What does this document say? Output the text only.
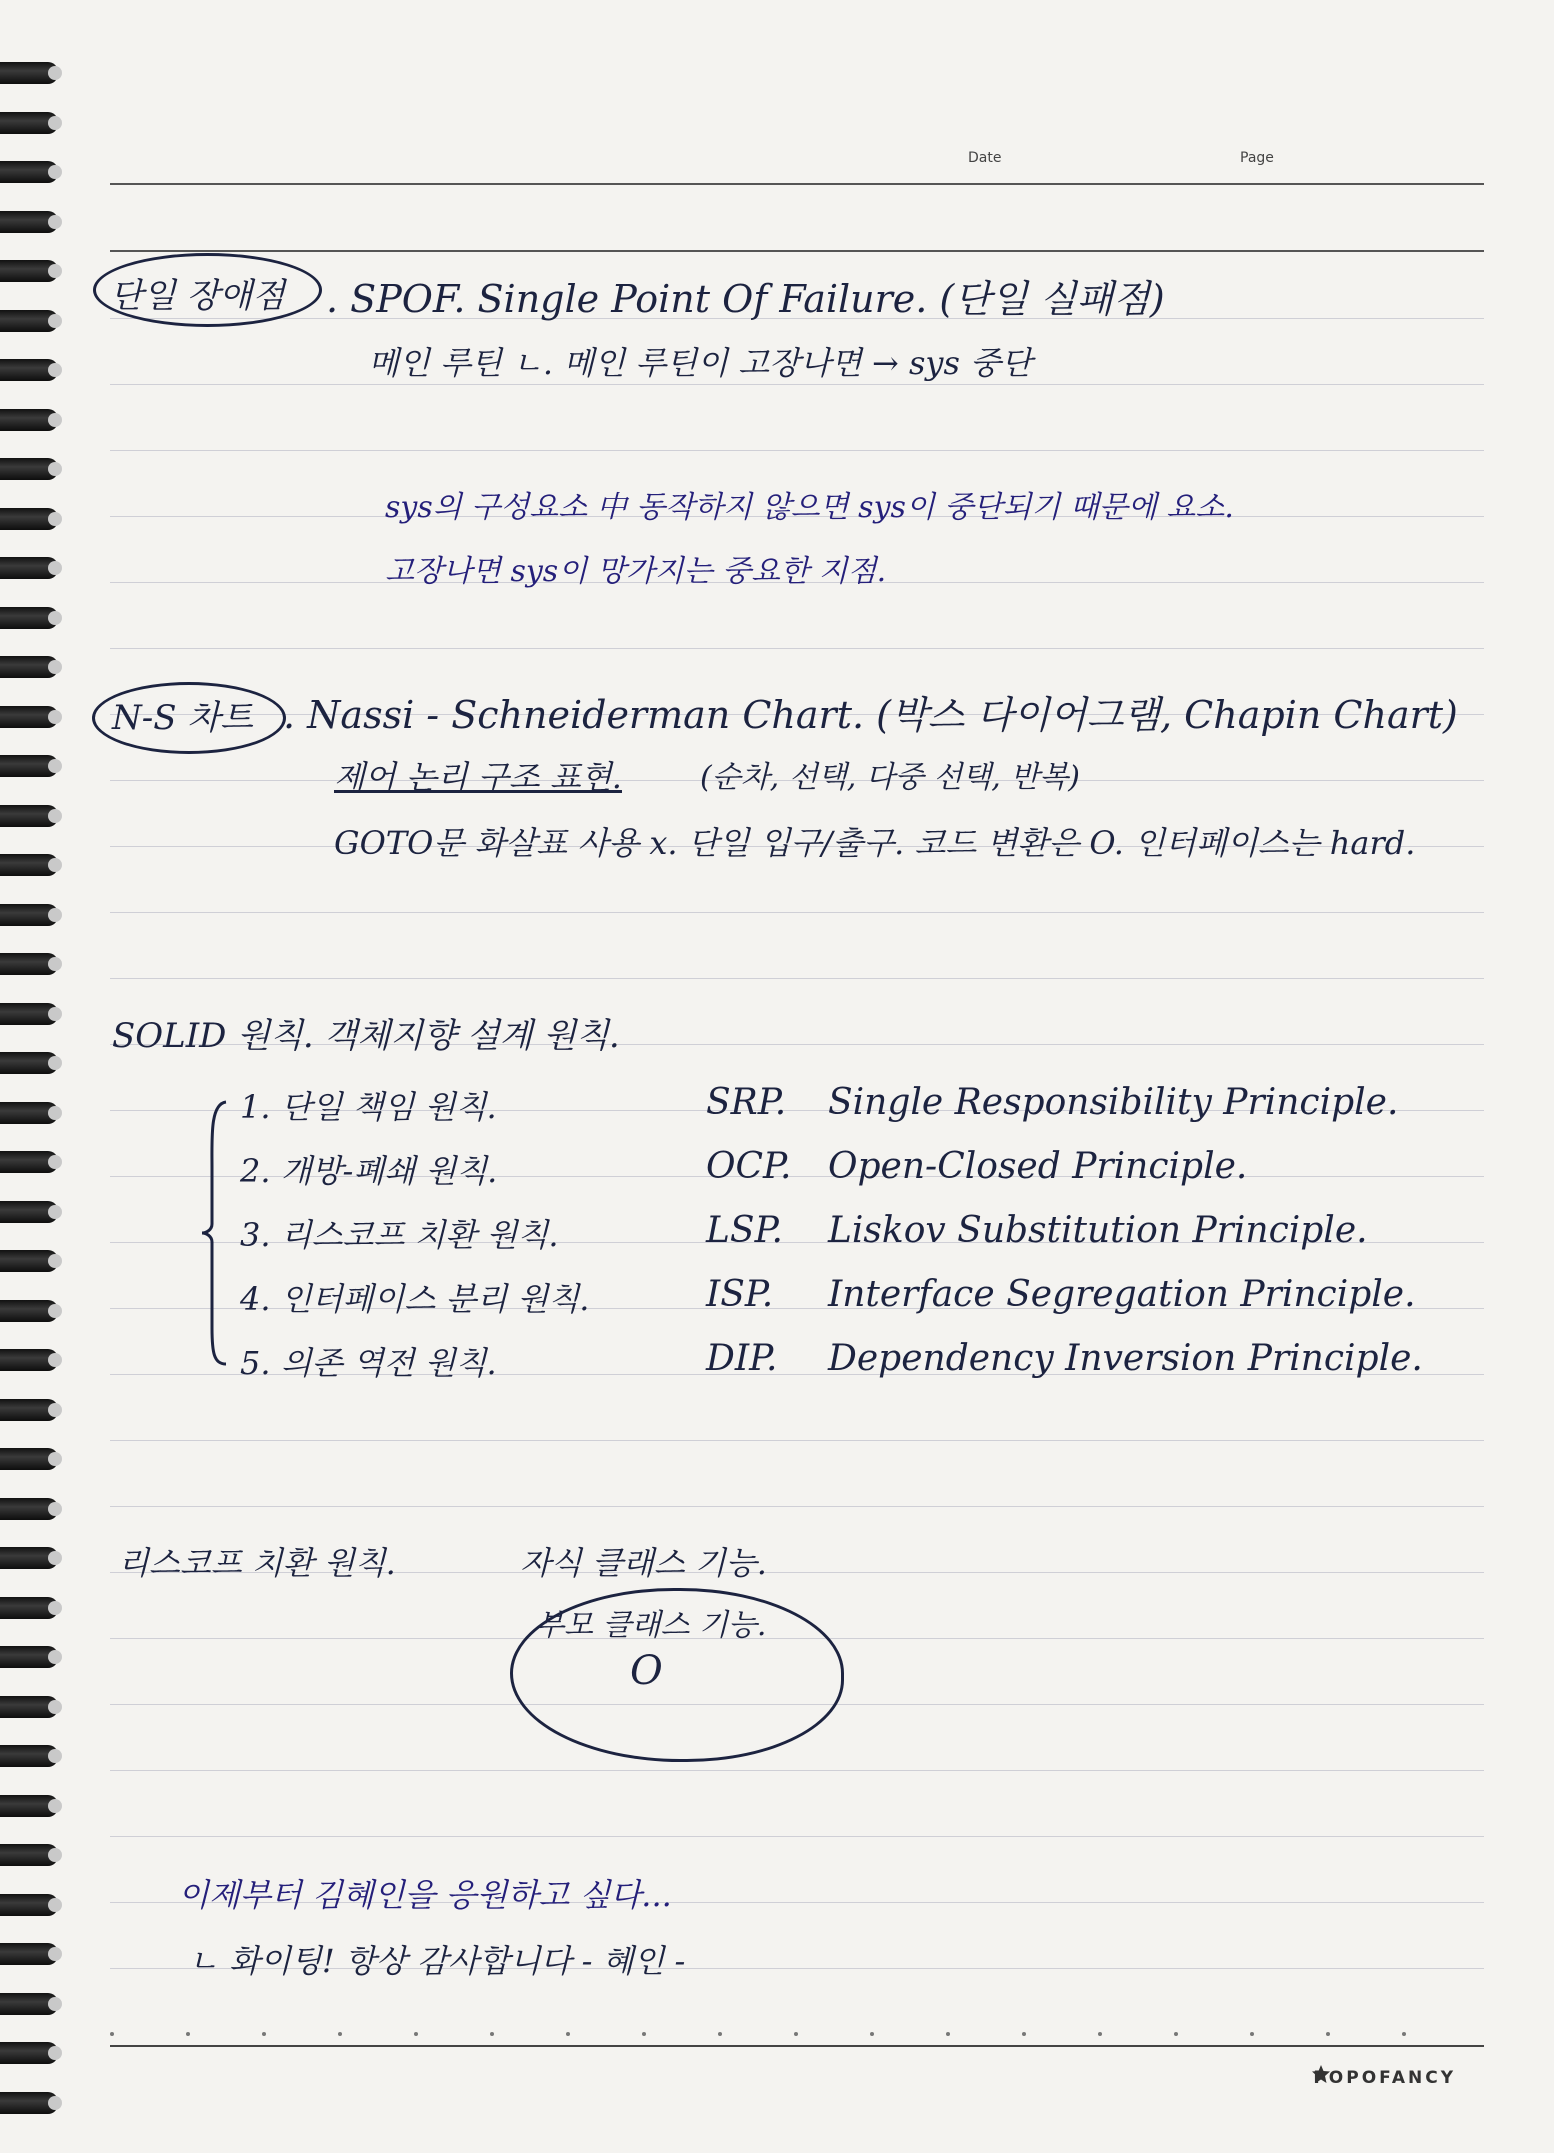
Date	Page
단일 장애점 . SPOF. Single Point Of Failure. (단일 실패점)
메인 루틴 ㄴ. 메인 루틴이 고장나면 → sys 중단
sys의 구성요소 中 동작하지 않으면 sys이 중단되기 때문에 요소.
고장나면 sys이 망가지는 중요한 지점.
N-S 차트 . Nassi - Schneiderman Chart. (박스 다이어그램, Chapin Chart)
제어 논리 구조 표현.	(순차, 선택, 다중 선택, 반복)
GOTO문 화살표 사용 x. 단일 입구/출구. 코드 변환은 O. 인터페이스는 hard.
SOLID 원칙. 객체지향 설계 원칙.
1. 단일 책임 원칙.	SRP. Single Responsibility Principle.
2. 개방-폐쇄 원칙.	OCP. Open-Closed Principle.
3. 리스코프 치환 원칙.	LSP. Liskov Substitution Principle.
4. 인터페이스 분리 원칙.	ISP. Interface Segregation Principle.
5. 의존 역전 원칙.	DIP. Dependency Inversion Principle.
리스코프 치환 원칙.	자식 클래스 기능.
부모 클래스 기능.
O
이제부터 김혜인을 응원하고 싶다...
ㄴ 화이팅! 항상 감사합니다 - 혜인 -
POPOFANCY
